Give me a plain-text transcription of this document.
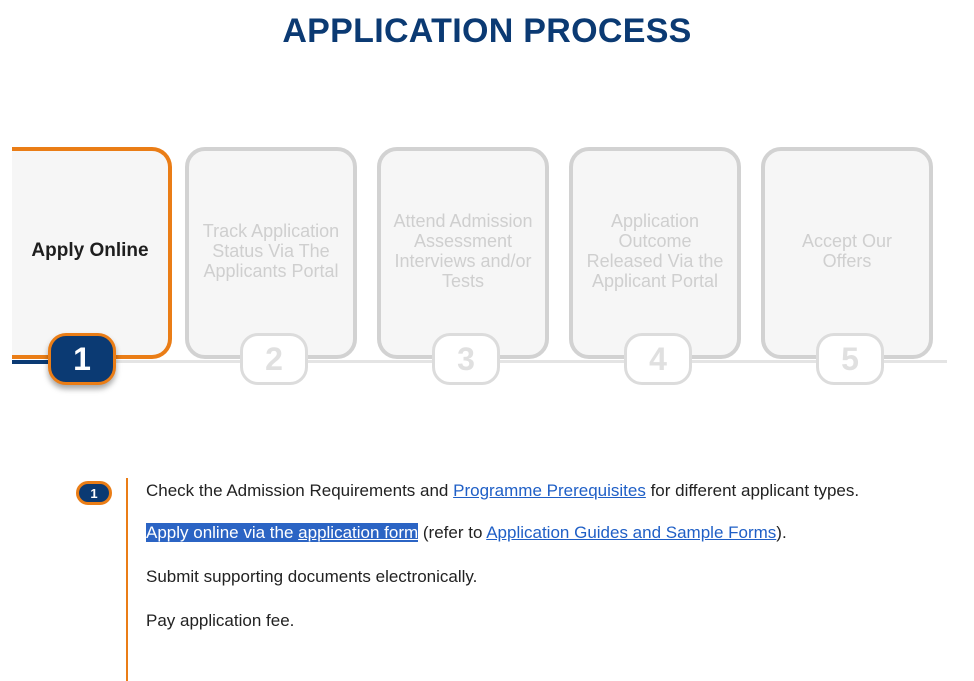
APPLICATION PROCESS
Apply Online
Track Application Status Via The Applicants Portal
Attend Admission Assessment Interviews and/or Tests
Application Outcome Released Via the Applicant Portal
Accept Our Offers
1	2	3	4	5
1	Check the Admission Requirements and Programme Prerequisites for different applicant types.

Apply online via the application form (refer to Application Guides and Sample Forms).

Submit supporting documents electronically.

Pay application fee.
